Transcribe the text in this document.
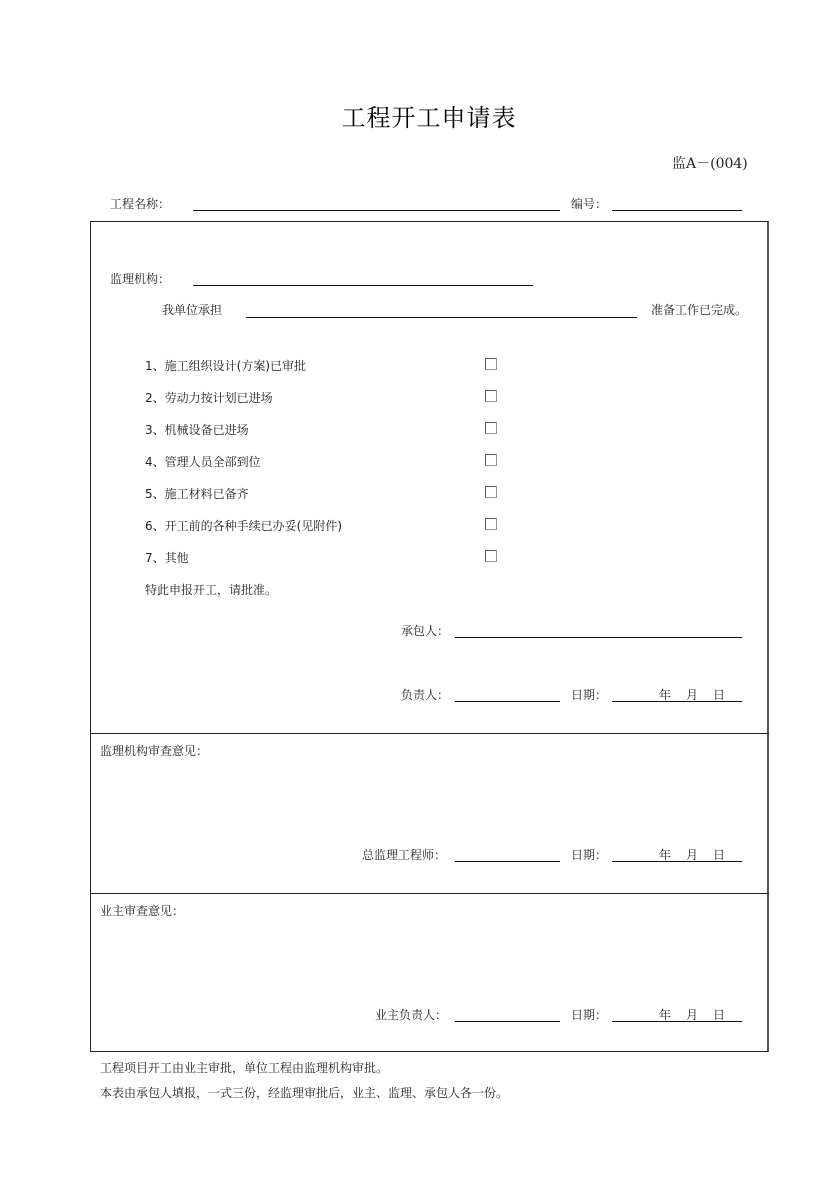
工程开工申请表
监A－(004)
工程名称：	编号：
监理机构：
我单位承担	准备工作已完成。
1、施工组织设计(方案)已审批
2、劳动力按计划已进场
3、机械设备已进场
4、管理人员全部到位
5、施工材料已备齐
6、开工前的各种手续已办妥(见附件)
7、其他
特此申报开工，请批准。
承包人：
负责人：	日期：	年 月 日
监理机构审查意见：
总监理工程师：	日期：	年 月 日
业主审查意见：
业主负责人：	日期：	年 月 日
工程项目开工由业主审批，单位工程由监理机构审批。
本表由承包人填报，一式三份，经监理审批后，业主、监理、承包人各一份。
